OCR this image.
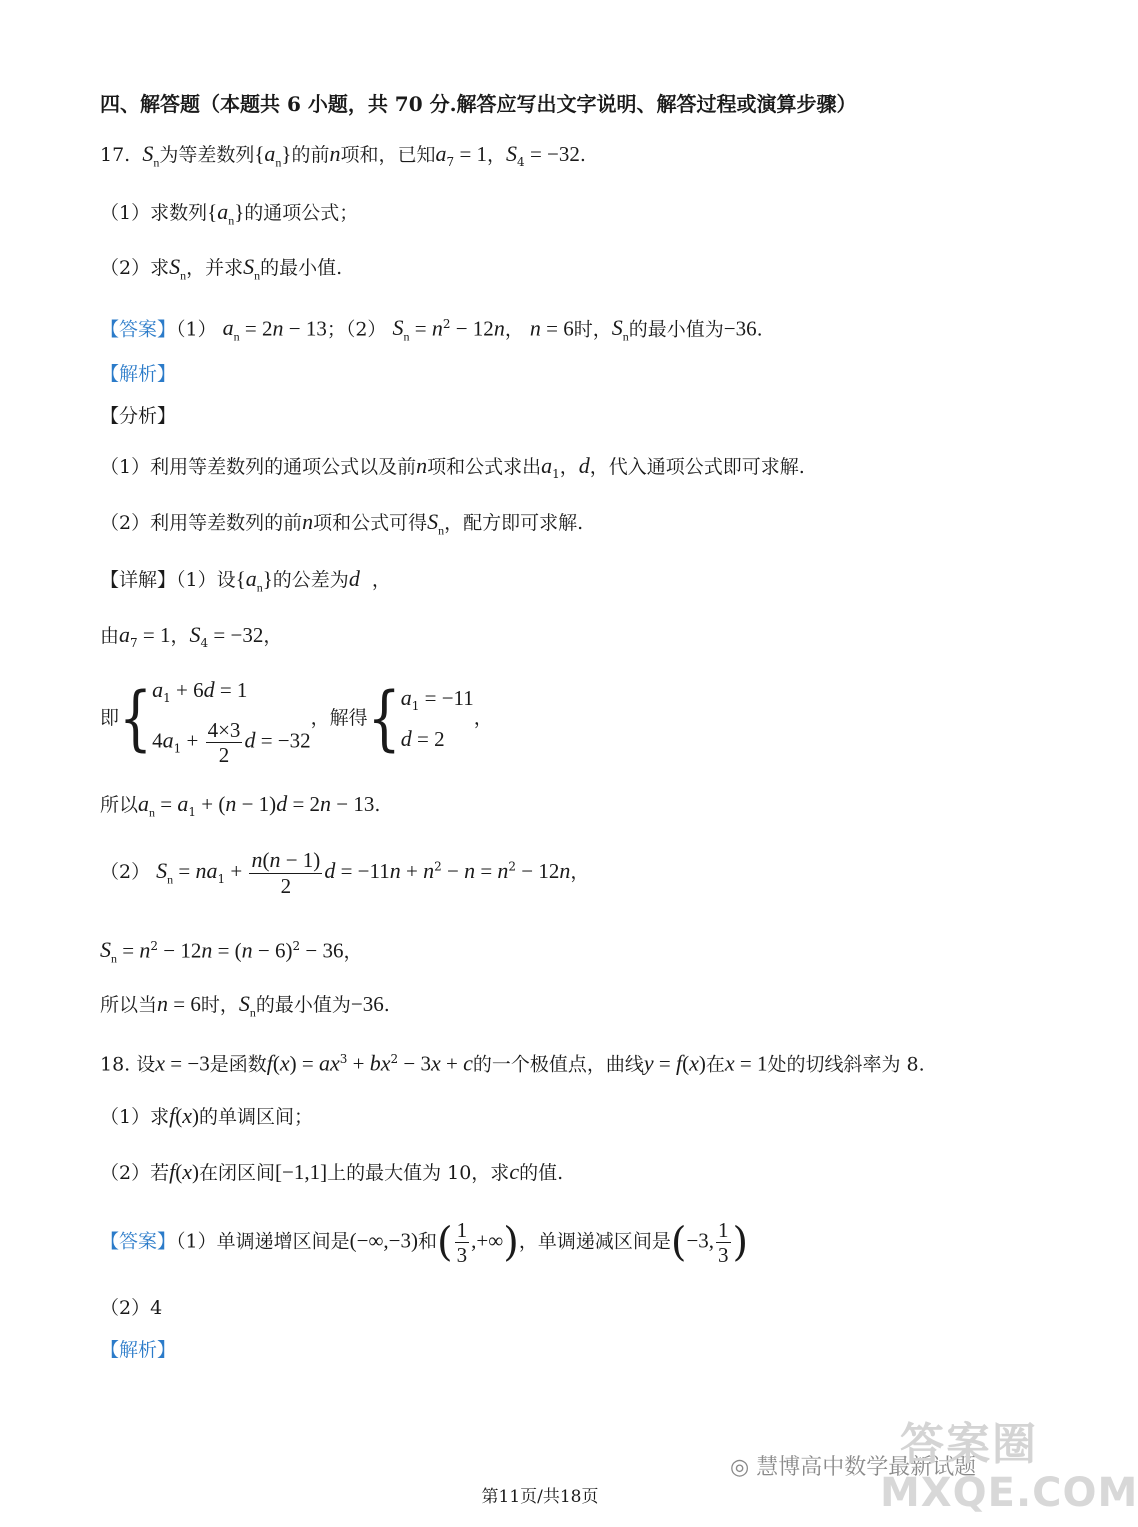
四、解答题（本题共 6 小题，共 70 分.解答应写出文字说明、解答过程或演算步骤）
17. $S_n$为等差数列$\{a_n\}$的前n项和，已知$a_7 = 1$，$S_4 = -32$.
（1）求数列$\{a_n\}$的通项公式；
（2）求$S_n$，并求$S_n$的最小值.
【答案】（1） $a_n = 2n - 13$；（2） $S_n = n^2 - 12n$， n = 6时，$S_n$的最小值为−36.
【解析】
【分析】
（1）利用等差数列的通项公式以及前n项和公式求出$a_1$，d，代入通项公式即可求解.
（2）利用等差数列的前n项和公式可得$S_n$，配方即可求解.
【详解】（1）设$\{a_n\}$的公差为d  ，
由$a_7 = 1$，$S_4 = -32$，
即{ $a_1 + 6d = 1$
$4a_1 + \frac{4\times 3}{2}$ d = −32
，解得{ $a_1 = -11$
d = 2
，
所以$a_n = a_1 + (n - 1)d = 2n - 13$.
（2） $S_n = na_1 + \frac{n(n - 1)}{2}$ $d = -11n + n^2 - n = n^2 - 12n$，
$S_n = n^2 - 12n = (n - 6)^2 - 36$，
所以当n = 6时，$S_n$的最小值为−36.
18. 设x = −3是函数$f(x) = ax^3 + bx^2 - 3x + c$的一个极值点，曲线y = f(x)在x = 1处的切线斜率为 8.
（1）求f(x)的单调区间；
（2）若f(x)在闭区间[−1,1]上的最大值为 10，求c的值.
【答案】（1）单调递增区间是(−∞,−3)和( $\frac{1}{3}$ ,+∞)，单调递减区间是(−3, $\frac{1}{3}$ )
（2）4
【解析】
◎ 慧博高中数学最新试题
答案圈
MXQE.COM
第11页/共18页
